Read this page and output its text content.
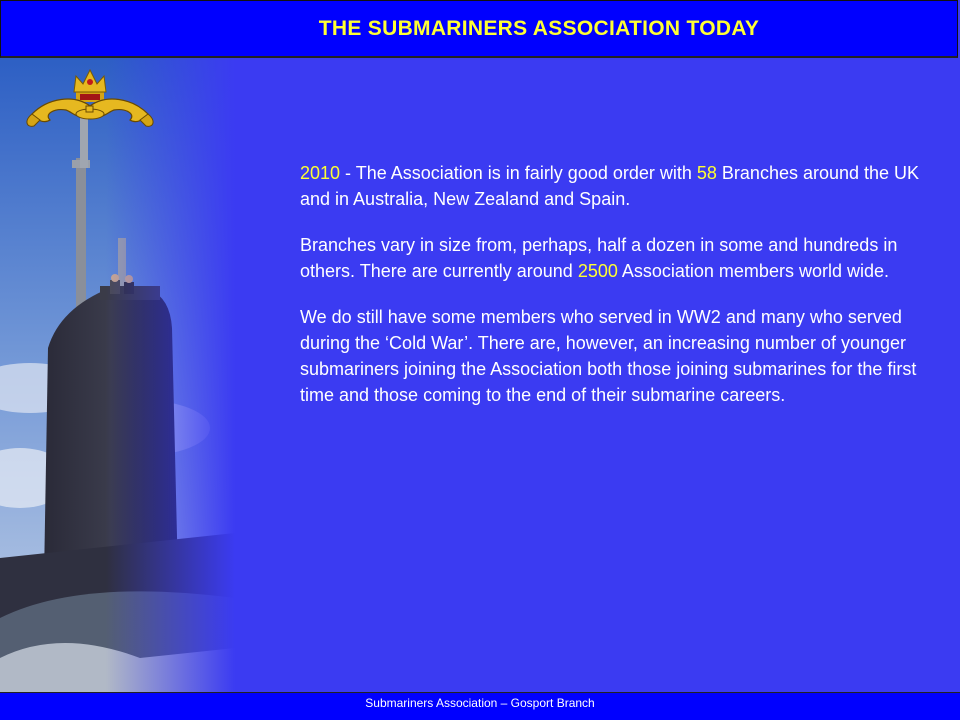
THE SUBMARINERS ASSOCIATION TODAY

2010 - The Association is in fairly good order with 58 Branches around the UK and in Australia, New Zealand and Spain.

Branches vary in size from, perhaps, half a dozen in some and hundreds in others. There are currently around 2500 Association members world wide.

We do still have some members who served in WW2 and many who served during the ‘Cold War’. There are, however, an increasing number of younger submariners joining the Association both those joining submarines for the first time and those coming to the end of their submarine careers.

Submariners Association – Gosport Branch
